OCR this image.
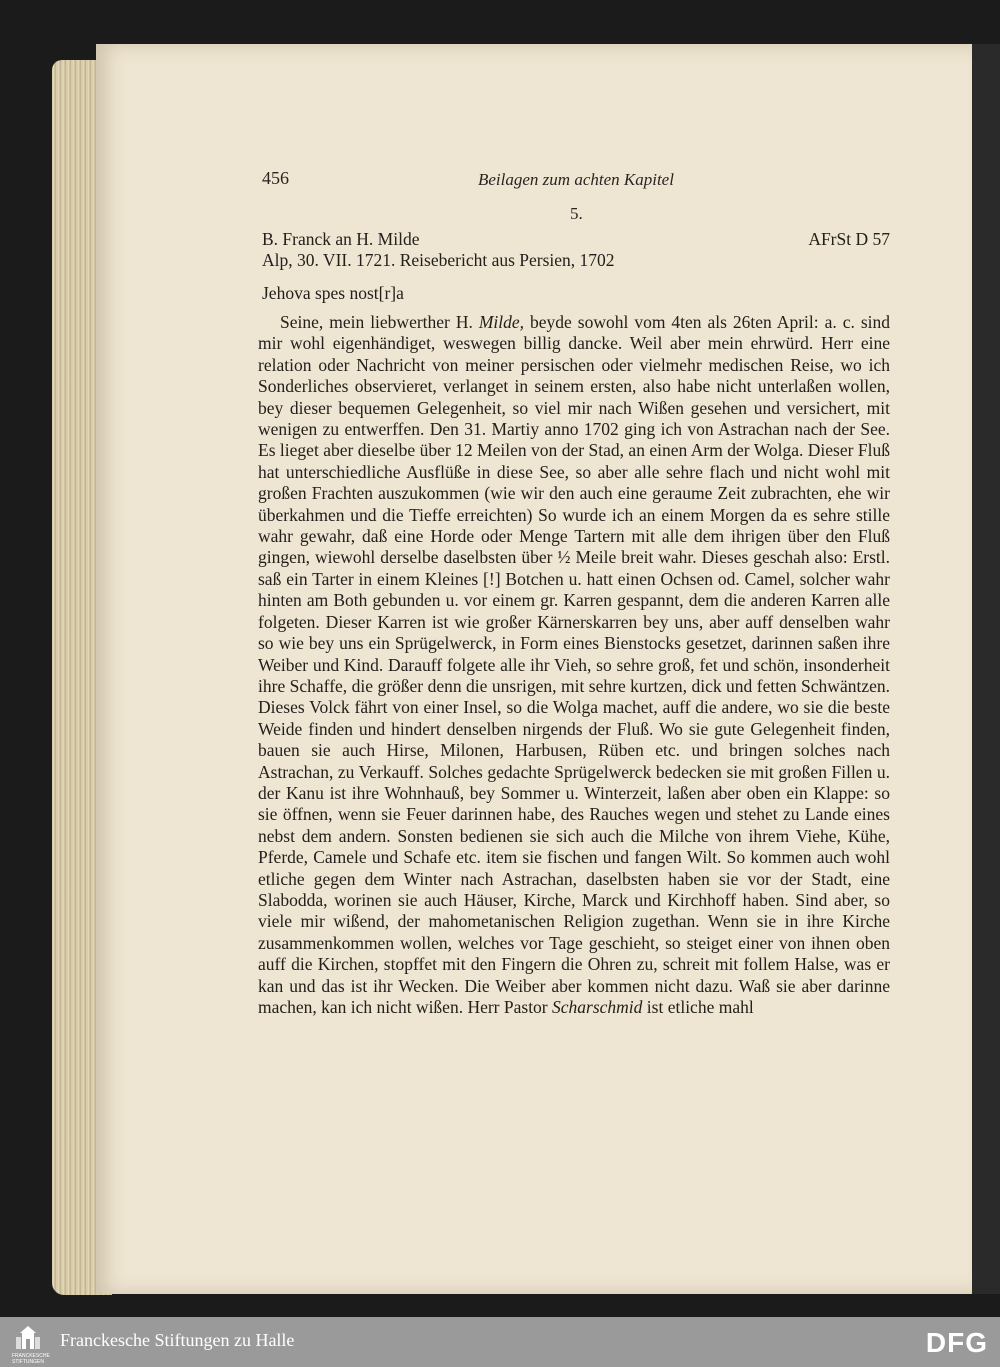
456	Beilagen zum achten Kapitel
5.
B. Franck an H. Milde	AFrSt D 57
Alp, 30. VII. 1721. Reisebericht aus Persien, 1702
Jehova spes nost[r]a
Seine, mein liebwerther H. Milde, beyde sowohl vom 4ten als 26ten April: a. c. sind mir wohl eigenhändiget, weswegen billig dancke. Weil aber mein ehrwürd. Herr eine relation oder Nachricht von meiner persischen oder vielmehr medischen Reise, wo ich Sonderliches observieret, verlanget in seinem ersten, also habe nicht unterlaßen wollen, bey dieser bequemen Gelegenheit, so viel mir nach Wißen gesehen und versichert, mit wenigen zu entwerffen. Den 31. Martiy anno 1702 ging ich von Astrachan nach der See. Es lieget aber dieselbe über 12 Meilen von der Stad, an einen Arm der Wolga. Dieser Fluß hat unterschiedliche Ausflüße in diese See, so aber alle sehre flach und nicht wohl mit großen Frachten auszukommen (wie wir den auch eine geraume Zeit zubrachten, ehe wir überkahmen und die Tieffe erreichten) So wurde ich an einem Morgen da es sehre stille wahr gewahr, daß eine Horde oder Menge Tartern mit alle dem ihrigen über den Fluß gingen, wiewohl derselbe daselbsten über ½ Meile breit wahr. Dieses geschah also: Erstl. saß ein Tarter in einem Kleines [!] Botchen u. hatt einen Ochsen od. Camel, solcher wahr hinten am Both gebunden u. vor einem gr. Karren gespannt, dem die anderen Karren alle folgeten. Dieser Karren ist wie großer Kärnerskarren bey uns, aber auff denselben wahr so wie bey uns ein Sprügelwerck, in Form eines Bienstocks gesetzet, darinnen saßen ihre Weiber und Kind. Darauff folgete alle ihr Vieh, so sehre groß, fet und schön, insonderheit ihre Schaffe, die größer denn die unsrigen, mit sehre kurtzen, dick und fetten Schwäntzen. Dieses Volck fährt von einer Insel, so die Wolga machet, auff die andere, wo sie die beste Weide finden und hindert denselben nirgends der Fluß. Wo sie gute Gelegenheit finden, bauen sie auch Hirse, Milonen, Harbusen, Rüben etc. und bringen solches nach Astrachan, zu Verkauff. Solches gedachte Sprügelwerck bedecken sie mit großen Fillen u. der Kanu ist ihre Wohnhauß, bey Sommer u. Winterzeit, laßen aber oben ein Klappe: so sie öffnen, wenn sie Feuer darinnen habe, des Rauches wegen und stehet zu Lande eines nebst dem andern. Sonsten bedienen sie sich auch die Milche von ihrem Viehe, Kühe, Pferde, Camele und Schafe etc. item sie fischen und fangen Wilt. So kommen auch wohl etliche gegen dem Winter nach Astrachan, daselbsten haben sie vor der Stadt, eine Slabodda, worinen sie auch Häuser, Kirche, Marck und Kirchhoff haben. Sind aber, so viele mir wißend, der mahometanischen Religion zugethan. Wenn sie in ihre Kirche zusammenkommen wollen, welches vor Tage geschieht, so steiget einer von ihnen oben auff die Kirchen, stopffet mit den Fingern die Ohren zu, schreit mit follem Halse, was er kan und das ist ihr Wecken. Die Weiber aber kommen nicht dazu. Waß sie aber darinne machen, kan ich nicht wißen. Herr Pastor Scharschmid ist etliche mahl
FRANCKESCHE
STIFTUNGEN
Franckesche Stiftungen zu Halle	DFG
